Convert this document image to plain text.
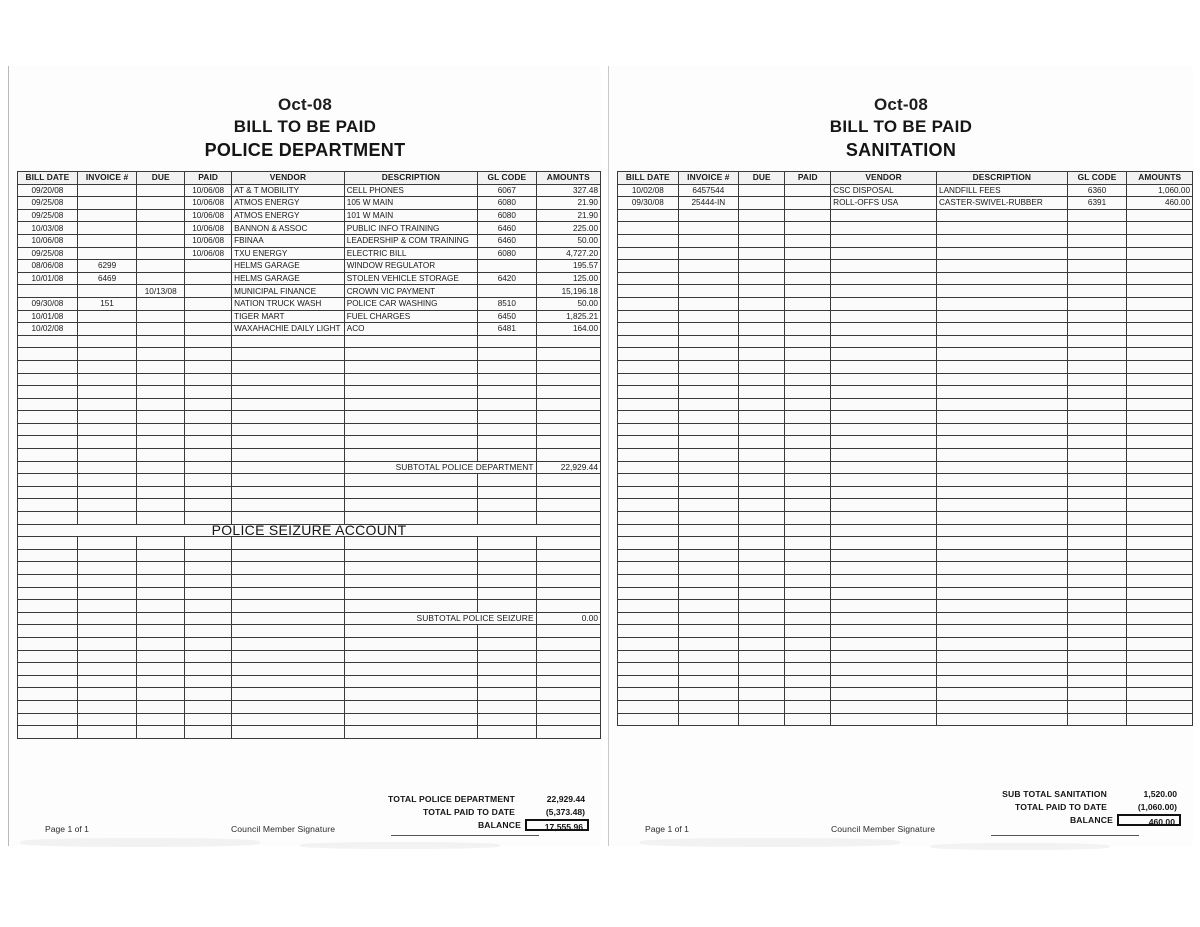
Oct-08
BILL TO BE PAID
POLICE DEPARTMENT
BILL DATE	INVOICE #	DUE	PAID	VENDOR	DESCRIPTION	GL CODE	AMOUNTS
09/20/08			10/06/08	AT & T MOBILITY	CELL PHONES	6067	327.48
09/25/08			10/06/08	ATMOS ENERGY	105 W MAIN	6080	21.90
09/25/08			10/06/08	ATMOS ENERGY	101 W MAIN	6080	21.90
10/03/08			10/06/08	BANNON & ASSOC	PUBLIC INFO TRAINING	6460	225.00
10/06/08			10/06/08	FBINAA	LEADERSHIP & COM TRAINING	6460	50.00
09/25/08			10/06/08	TXU ENERGY	ELECTRIC BILL	6080	4,727.20
08/06/08	6299			HELMS GARAGE	WINDOW REGULATOR		195.57
10/01/08	6469			HELMS GARAGE	STOLEN VEHICLE STORAGE	6420	125.00
		10/13/08		MUNICIPAL FINANCE	CROWN VIC PAYMENT		15,196.18
09/30/08	151			NATION TRUCK WASH	POLICE CAR WASHING	8510	50.00
10/01/08				TIGER MART	FUEL CHARGES	6450	1,825.21
10/02/08				WAXAHACHIE DAILY LIGHT	ACO	6481	164.00

					SUBTOTAL POLICE DEPARTMENT		22,929.44

POLICE SEIZURE ACCOUNT							

					SUBTOTAL POLICE SEIZURE		0.00

TOTAL POLICE DEPARTMENT	22,929.44
TOTAL PAID TO DATE	(5,373.48)
BALANCE	17,555.96
Page 1 of 1	Council Member Signature
Oct-08
BILL TO BE PAID
SANITATION
BILL DATE	INVOICE #	DUE	PAID	VENDOR	DESCRIPTION	GL CODE	AMOUNTS
10/02/08	6457544			CSC DISPOSAL	LANDFILL FEES	6360	1,060.00
09/30/08	25444-IN			ROLL-OFFS USA	CASTER-SWIVEL-RUBBER	6391	460.00

SUB TOTAL SANITATION	1,520.00
TOTAL PAID TO DATE	(1,060.00)
BALANCE	460.00
Page 1 of 1	Council Member Signature
